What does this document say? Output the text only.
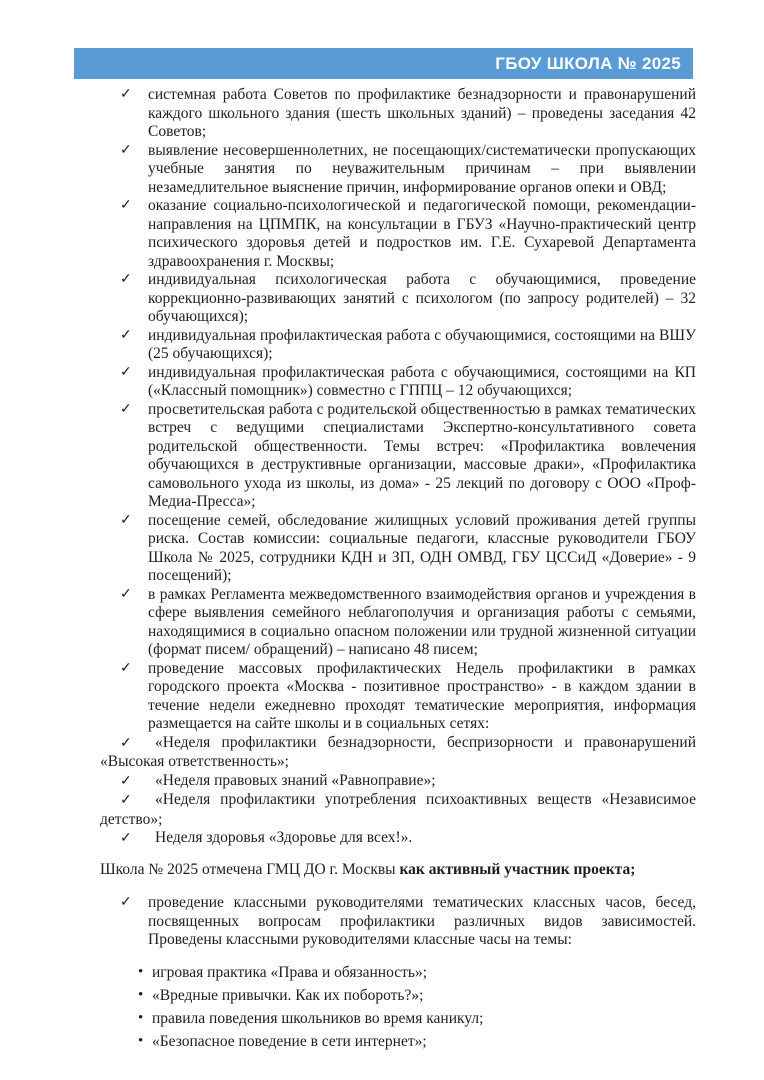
ГБОУ ШКОЛА № 2025
✓ системная работа Советов по профилактике безнадзорности и правонарушений каждого школьного здания (шесть школьных зданий) – проведены заседания 42 Советов;
✓ выявление несовершеннолетних, не посещающих/систематически пропускающих учебные занятия по неуважительным причинам – при выявлении незамедлительное выяснение причин, информирование органов опеки и ОВД;
✓ оказание социально-психологической и педагогической помощи, рекомендации-направления на ЦПМПК, на консультации в ГБУЗ «Научно-практический центр психического здоровья детей и подростков им. Г.Е. Сухаревой Департамента здравоохранения г. Москвы;
✓ индивидуальная психологическая работа с обучающимися, проведение коррекционно-развивающих занятий с психологом (по запросу родителей) – 32 обучающихся);
✓ индивидуальная профилактическая работа с обучающимися, состоящими на ВШУ (25 обучающихся);
✓ индивидуальная профилактическая работа с обучающимися, состоящими на КП («Классный помощник») совместно с ГППЦ – 12 обучающихся;
✓ просветительская работа с родительской общественностью в рамках тематических встреч с ведущими специалистами Экспертно-консультативного совета родительской общественности. Темы встреч: «Профилактика вовлечения обучающихся в деструктивные организации, массовые драки», «Профилактика самовольного ухода из школы, из дома» - 25 лекций по договору с ООО «Проф-Медиа-Пресса»;
✓ посещение семей, обследование жилищных условий проживания детей группы риска. Состав комиссии: социальные педагоги, классные руководители ГБОУ Школа № 2025, сотрудники КДН и ЗП, ОДН ОМВД, ГБУ ЦССиД «Доверие» - 9 посещений);
✓ в рамках Регламента межведомственного взаимодействия органов и учреждения в сфере выявления семейного неблагополучия и организация работы с семьями, находящимися в социально опасном положении или трудной жизненной ситуации (формат писем/ обращений) – написано 48 писем;
✓ проведение массовых профилактических Недель профилактики в рамках городского проекта «Москва - позитивное пространство» - в каждом здании в течение недели ежедневно проходят тематические мероприятия, информация размещается на сайте школы и в социальных сетях:

✓ «Неделя профилактики безнадзорности, беспризорности и правонарушений «Высокая ответственность»;

✓ «Неделя правовых знаний «Равноправие»;

✓ «Неделя профилактики употребления психоактивных веществ «Независимое детство»;

✓ Неделя здоровья «Здоровье для всех!».

Школа № 2025 отмечена ГМЦ ДО г. Москвы как активный участник проекта;

✓ проведение классными руководителями тематических классных часов, бесед, посвященных вопросам профилактики различных видов зависимостей. Проведены классными руководителями классные часы на темы:
• игровая практика «Права и обязанность»;
• «Вредные привычки. Как их побороть?»;
• правила поведения школьников во время каникул;
• «Безопасное поведение в сети интернет»;
